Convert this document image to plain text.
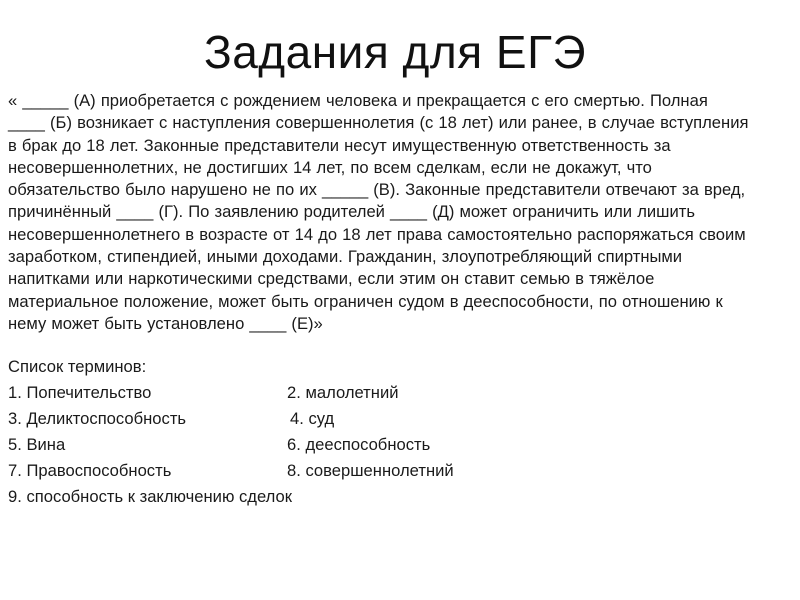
Задания для ЕГЭ
« _____ (А) приобретается с рождением человека и прекращается с его смертью. Полная
____ (Б) возникает с наступления совершеннолетия (с 18 лет) или ранее, в случае вступления
в брак до 18 лет. Законные представители несут имущественную ответственность за
несовершеннолетних, не достигших 14 лет, по всем сделкам, если не докажут, что
обязательство было нарушено не по их _____ (В). Законные представители отвечают за вред,
причинённый ____ (Г). По заявлению родителей ____ (Д) может ограничить или лишить
несовершеннолетнего в возрасте от 14 до 18 лет права самостоятельно распоряжаться своим
заработком, стипендией, иными доходами. Гражданин, злоупотребляющий спиртными
напитками или наркотическими средствами, если этим он ставит семью в тяжёлое
материальное положение, может быть ограничен судом в дееспособности, по отношению к
нему может быть установлено ____ (Е)»
Список терминов:
1. Попечительство	2. малолетний
3. Деликтоспособность	4. суд
5. Вина	6. дееспособность
7. Правоспособность	8. совершеннолетний
9. способность к заключению сделок
